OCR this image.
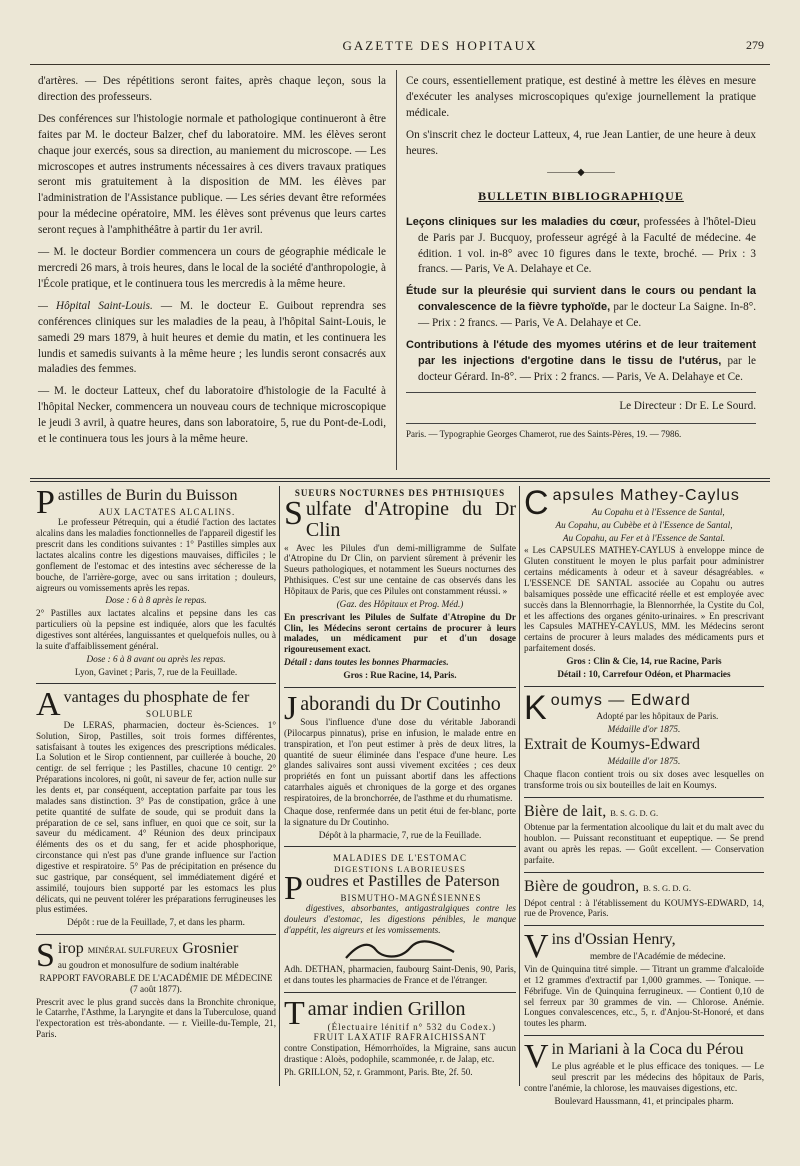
GAZETTE DES HOPITAUX	279

d'artères. — Des répétitions seront faites, après chaque leçon, sous la direction des professeurs.

Des conférences sur l'histologie normale et pathologique continueront à être faites par M. le docteur Balzer, chef du laboratoire. MM. les élèves seront chaque jour exercés, sous sa direction, au maniement du microscope. — Les microscopes et autres instruments nécessaires à ces divers travaux pratiques seront mis gratuitement à la disposition de MM. les élèves par l'administration de l'Assistance publique. — Les séries devant être reformées pour la médecine opératoire, MM. les élèves sont prévenus que leurs cartes seront reçues à l'amphithéâtre à partir du 1er avril.

— M. le docteur Bordier commencera un cours de géographie médicale le mercredi 26 mars, à trois heures, dans le local de la société d'anthropologie, à l'École pratique, et le continuera tous les mercredis à la même heure.

— Hôpital Saint-Louis. — M. le docteur E. Guibout reprendra ses conférences cliniques sur les maladies de la peau, à l'hôpital Saint-Louis, le samedi 29 mars 1879, à huit heures et demie du matin, et les continuera les lundis et samedis suivants à la même heure ; les lundis seront consacrés aux maladies des femmes.

— M. le docteur Latteux, chef du laboratoire d'histologie de la Faculté à l'hôpital Necker, commencera un nouveau cours de technique microscopique le jeudi 3 avril, à quatre heures, dans son laboratoire, 5, rue du Pont-de-Lodi, et le continuera tous les jours à la même heure.

Ce cours, essentiellement pratique, est destiné à mettre les élèves en mesure d'exécuter les analyses microscopiques qu'exige journellement la pratique médicale.

On s'inscrit chez le docteur Latteux, 4, rue Jean Lantier, de une heure à deux heures.

———◆———
BULLETIN BIBLIOGRAPHIQUE

Leçons cliniques sur les maladies du cœur, professées à l'hôtel-Dieu de Paris par J. Bucquoy, professeur agrégé à la Faculté de médecine. 4e édition. 1 vol. in-8° avec 10 figures dans le texte, broché. — Prix : 3 francs. — Paris, Ve A. Delahaye et Ce.

Étude sur la pleurésie qui survient dans le cours ou pendant la convalescence de la fièvre typhoïde, par le docteur La Saigne. In-8°. — Prix : 2 francs. — Paris, Ve A. Delahaye et Ce.

Contributions à l'étude des myomes utérins et de leur traitement par les injections d'ergotine dans le tissu de l'utérus, par le docteur Gérard. In-8°. — Prix : 2 francs. — Paris, Ve A. Delahaye et Ce.

Le Directeur : Dr E. Le Sourd.
Paris. — Typographie Georges Chamerot, rue des Saints-Pères, 19. — 7986.
Pastilles de Burin du Buisson
AUX LACTATES ALCALINS.

Le professeur Pétrequin, qui a étudié l'action des lactates alcalins dans les maladies fonctionnelles de l'appareil digestif les prescrit dans les conditions suivantes : 1° Pastilles simples aux lactates alcalins contre les digestions mauvaises, difficiles ; le gonflement de l'estomac et des intestins avec sécheresse de la bouche, de l'arrière-gorge, avec ou sans irritation ; douleurs, aigreurs ou vomissements après les repas.

Dose : 6 à 8 après le repas.

2° Pastilles aux lactates alcalins et pepsine dans les cas particuliers où la pepsine est indiquée, alors que les facultés digestives sont altérées, languissantes et quelquefois nulles, ou à la suite d'affaiblissement général.

Dose : 6 à 8 avant ou après les repas.

Lyon, Gavinet ; Paris, 7, rue de la Feuillade.

Avantages du phosphate de fer
SOLUBLE

De LERAS, pharmacien, docteur ès-Sciences. 1° Solution, Sirop, Pastilles, soit trois formes différentes, satisfaisant à toutes les exigences des prescriptions médicales. La Solution et le Sirop contiennent, par cuillerée à bouche, 20 centigr. de sel ferrique ; les Pastilles, chacune 10 centigr. 2° Préparations incolores, ni goût, ni saveur de fer, action nulle sur les dents et, par conséquent, acceptation parfaite par tous les malades sans distinction. 3° Pas de constipation, grâce à une petite quantité de sulfate de soude, qui se produit dans la préparation de ce sel, sans influer, en quoi que ce soit, sur la saveur du médicament. 4° Réunion des deux principaux éléments des os et du sang, fer et acide phosphorique, circonstance qui n'est pas d'une grande influence sur l'action digestive et respiratoire. 5° Pas de précipitation en présence du suc gastrique, par conséquent, sel immédiatement digéré et assimilé, toujours bien supporté par les estomacs les plus délicats, qui ne peuvent tolérer les préparations ferrugineuses les plus estimées.

Dépôt : rue de la Feuillade, 7, et dans les pharm.

Sirop MINÉRAL SULFUREUX Grosnier

au goudron et monosulfure de sodium inaltérable

RAPPORT FAVORABLE DE L'ACADÉMIE DE MÉDECINE (7 août 1877).

Prescrit avec le plus grand succès dans la Bronchite chronique, le Catarrhe, l'Asthme, la Laryngite et dans la Tuberculose, quand l'expectoration est très-abondante. — r. Vieille-du-Temple, 21, Paris.

SUEURS NOCTURNES DES PHTHISIQUES
Sulfate d'Atropine du Dr Clin

« Avec les Pilules d'un demi-milligramme de Sulfate d'Atropine du Dr Clin, on parvient sûrement à prévenir les Sueurs pathologiques, et notamment les Sueurs nocturnes des Phthisiques. C'est sur une centaine de cas observés dans les Hôpitaux de Paris, que ces Pilules ont constamment réussi. »

(Gaz. des Hôpitaux et Prog. Méd.)

En prescrivant les Pilules de Sulfate d'Atropine du Dr Clin, les Médecins seront certains de procurer à leurs malades, un médicament pur et d'un dosage rigoureusement exact.

Détail : dans toutes les bonnes Pharmacies.

Gros : Rue Racine, 14, Paris.

Jaborandi du Dr Coutinho

Sous l'influence d'une dose du véritable Jaborandi (Pilocarpus pinnatus), prise en infusion, le malade entre en transpiration, et l'on peut estimer à près de deux litres, la quantité de sueur éliminée dans l'espace d'une heure. Les glandes salivaires sont aussi vivement excitées ; ces deux propriétés en font un puissant abortif dans les affections catarrhales aiguës et chroniques de la gorge et des organes respiratoires, de la bronchorrée, de l'asthme et du rhumatisme.

Chaque dose, renfermée dans un petit étui de fer-blanc, porte la signature du Dr Coutinho.

Dépôt à la pharmacie, 7, rue de la Feuillade.

MALADIES DE L'ESTOMAC
DIGESTIONS LABORIEUSES
Poudres et Pastilles de Paterson
BISMUTHO-MAGNÉSIENNES

digestives, absorbantes, antigastralgiques contre les douleurs d'estomac, les digestions pénibles, le manque d'appétit, les aigreurs et les vomissements.

Adh. DETHAN, pharmacien, faubourg Saint-Denis, 90, Paris, et dans toutes les pharmacies de France et de l'étranger.

Tamar indien Grillon
(Électuaire lénitif n° 532 du Codex.)
FRUIT LAXATIF RAFRAICHISSANT

contre Constipation, Hémorrhoïdes, la Migraine, sans aucun drastique : Aloès, podophile, scammonée, r. de Jalap, etc.

Ph. GRILLON, 52, r. Grammont, Paris. Bte, 2f. 50.

Capsules Mathey-Caylus

Au Copahu et à l'Essence de Santal,

Au Copahu, au Cubèbe et à l'Essence de Santal,

Au Copahu, au Fer et à l'Essence de Santal.

« Les CAPSULES MATHEY-CAYLUS à enveloppe mince de Gluten constituent le moyen le plus parfait pour administrer certains médicaments à odeur et à saveur désagréables. « L'ESSENCE DE SANTAL associée au Copahu ou autres balsamiques possède une efficacité réelle et est employée avec succès dans la Blennorrhagie, la Blennorrhée, la Cystite du Col, et les affections des organes génito-urinaires. » En prescrivant les Capsules MATHEY-CAYLUS, MM. les Médecins seront certains de procurer à leurs malades des médicaments purs et parfaitement dosés.

Gros : Clin & Cie, 14, rue Racine, Paris

Détail : 10, Carrefour Odéon, et Pharmacies

Koumys — Edward

Adopté par les hôpitaux de Paris.

Médaille d'or 1875.

Extrait de Koumys-Edward

Médaille d'or 1875.

Chaque flacon contient trois ou six doses avec lesquelles on transforme trois ou six bouteilles de lait en Koumys.

Bière de lait, B. S. G. D. G.

Obtenue par la fermentation alcoolique du lait et du malt avec du houblon. — Puissant reconstituant et eupeptique. — Se prend avant ou après les repas. — Goût excellent. — Conservation parfaite.

Bière de goudron, B. S. G. D. G.

Dépot central : à l'établissement du KOUMYS-EDWARD, 14, rue de Provence, Paris.

Vins d'Ossian Henry,

membre de l'Académie de médecine.

Vin de Quinquina titré simple. — Titrant un gramme d'alcaloïde et 12 grammes d'extractif par 1,000 grammes. — Tonique. — Fébrifuge. Vin de Quinquina ferrugineux. — Contient 0,10 de sel ferreux par 30 grammes de vin. — Chlorose. Anémie. Longues convalescences, etc., 5, r. d'Anjou-St-Honoré, et dans toutes les pharm.

Vin Mariani à la Coca du Pérou

Le plus agréable et le plus efficace des toniques. — Le seul prescrit par les médecins des hôpitaux de Paris, contre l'anémie, la chlorose, les mauvaises digestions, etc.

Boulevard Haussmann, 41, et principales pharm.
